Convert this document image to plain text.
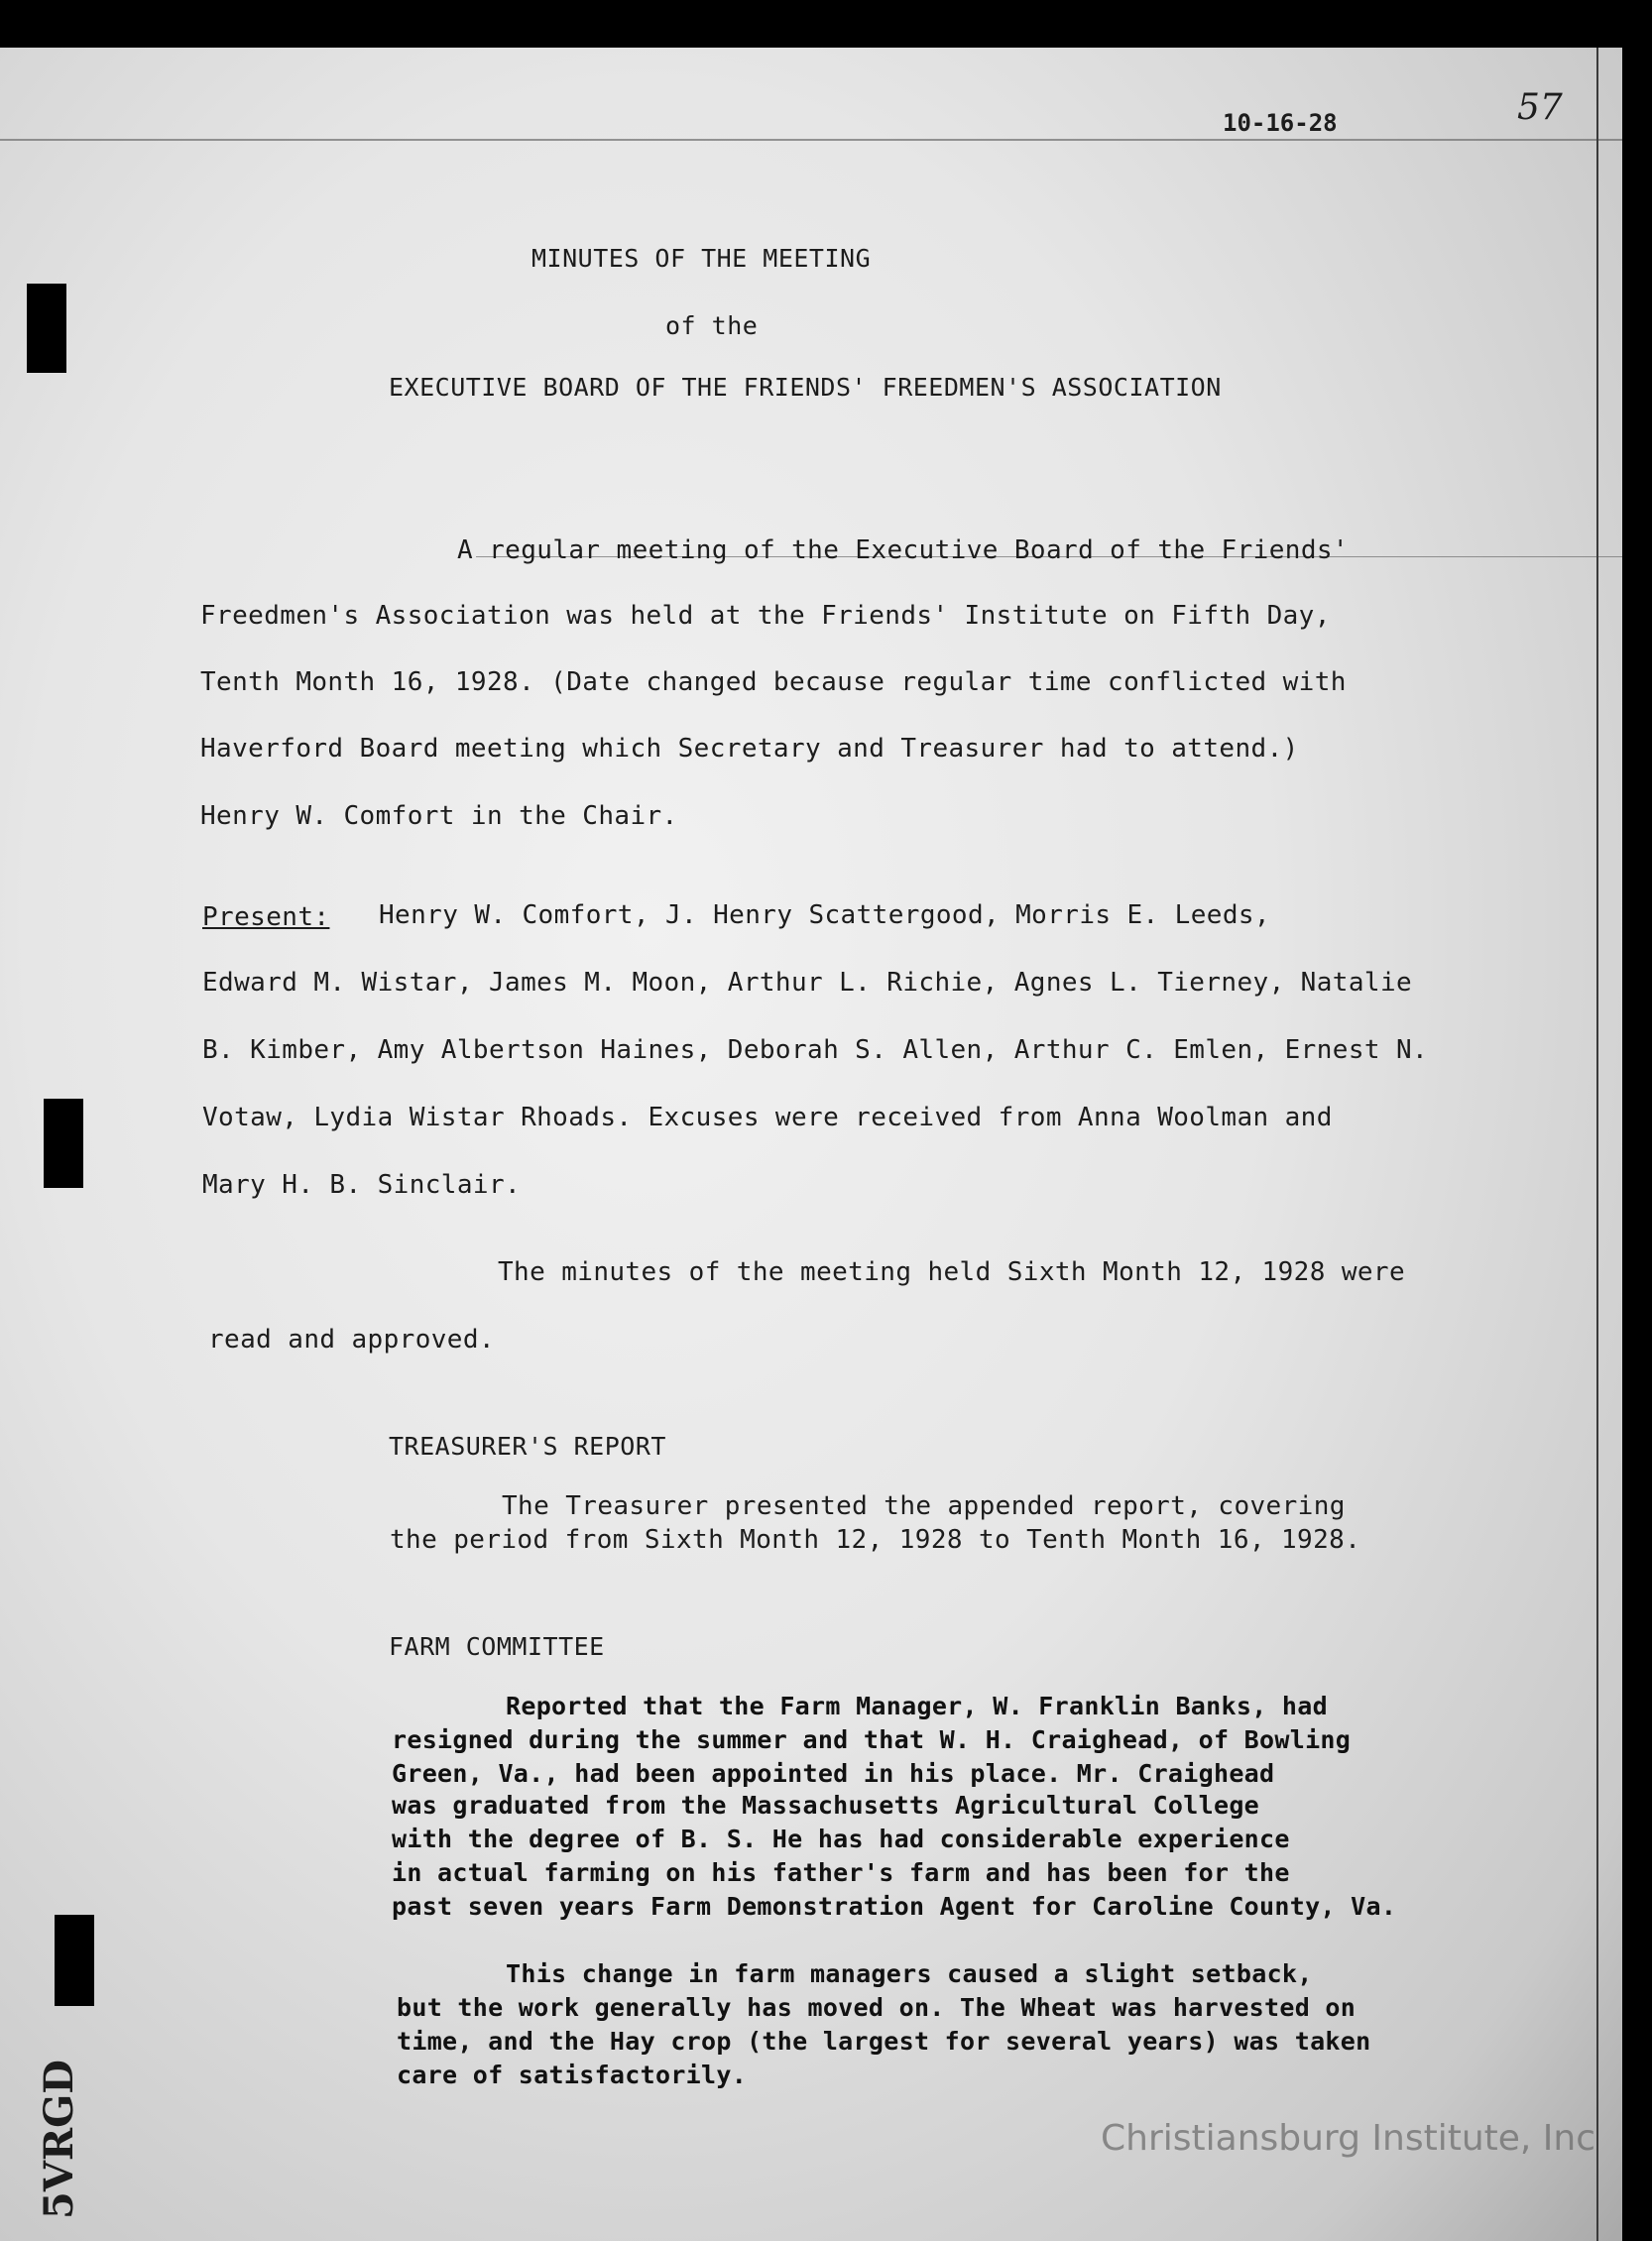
10-16-28	57
MINUTES OF THE MEETING
of the
EXECUTIVE BOARD OF THE FRIENDS' FREEDMEN'S ASSOCIATION
A regular meeting of the Executive Board of the Friends'
Freedmen's Association was held at the Friends' Institute on Fifth Day,
Tenth Month 16, 1928. (Date changed because regular time conflicted with
Haverford Board meeting which Secretary and Treasurer had to attend.)
Henry W. Comfort in the Chair.
Present: Henry W. Comfort, J. Henry Scattergood, Morris E. Leeds,
Edward M. Wistar, James M. Moon, Arthur L. Richie, Agnes L. Tierney, Natalie
B. Kimber, Amy Albertson Haines, Deborah S. Allen, Arthur C. Emlen, Ernest N.
Votaw, Lydia Wistar Rhoads. Excuses were received from Anna Woolman and
Mary H. B. Sinclair.
The minutes of the meeting held Sixth Month 12, 1928 were
read and approved.
TREASURER'S REPORT
The Treasurer presented the appended report, covering
the period from Sixth Month 12, 1928 to Tenth Month 16, 1928.
FARM COMMITTEE
Reported that the Farm Manager, W. Franklin Banks, had
resigned during the summer and that W. H. Craighead, of Bowling
Green, Va., had been appointed in his place. Mr. Craighead
was graduated from the Massachusetts Agricultural College
with the degree of B. S. He has had considerable experience
in actual farming on his father's farm and has been for the
past seven years Farm Demonstration Agent for Caroline County, Va.
This change in farm managers caused a slight setback,
but the work generally has moved on. The Wheat was harvested on
time, and the Hay crop (the largest for several years) was taken
care of satisfactorily.
5VRGD	Christiansburg Institute, Inc
